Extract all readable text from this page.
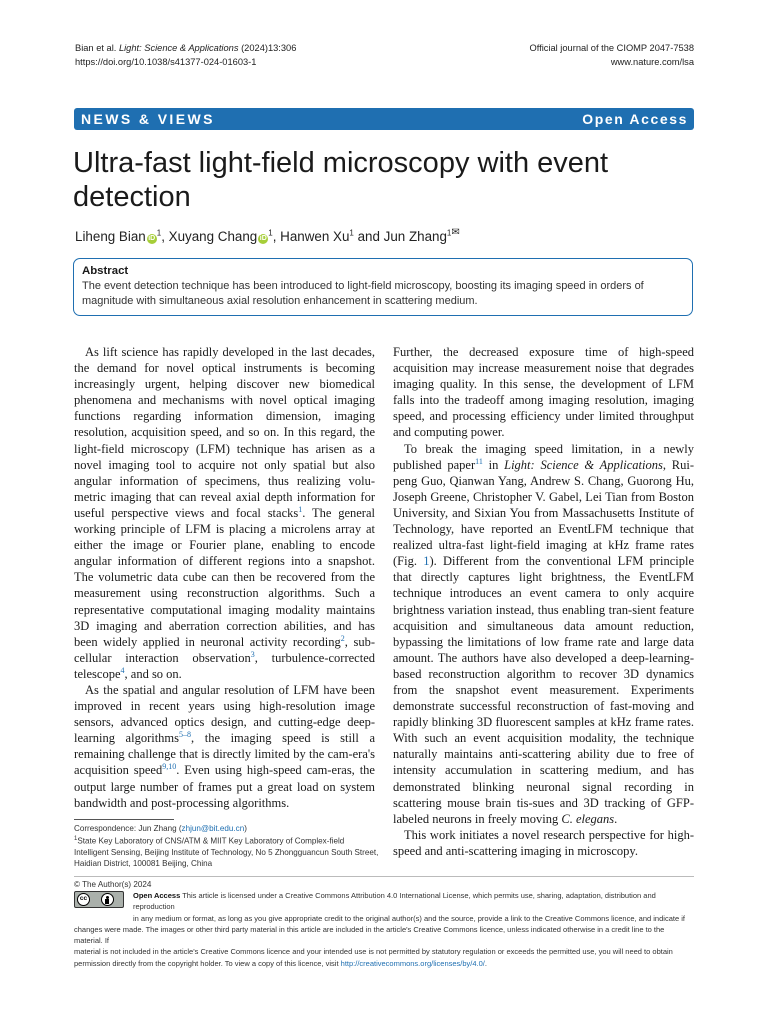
Bian et al. Light: Science & Applications (2024)13:306
https://doi.org/10.1038/s41377-024-01603-1
Official journal of the CIOMP 2047-7538
www.nature.com/lsa
NEWS & VIEWS	Open Access
Ultra-fast light-field microscopy with event detection
Liheng Bian $iD^1$, Xuyang Chang $iD^1$, Hanwen Xu$^1$ and Jun Zhang$^{1✉}$
Abstract
The event detection technique has been introduced to light-field microscopy, boosting its imaging speed in orders of
magnitude with simultaneous axial resolution enhancement in scattering medium.

As lift science has rapidly developed in the last decades, the demand for novel optical instruments is becoming increasingly urgent, helping discover new biomedical phenomena and mechanisms with novel optical imaging functions regarding information dimension, imaging resolution, acquisition speed, and so on. In this regard, the light-field microscopy (LFM) technique has arisen as a novel imaging tool to acquire not only spatial but also angular information of specimens, thus realizing volu-metric imaging that can reveal axial depth information for useful perspective views and focal stacks$^1$. The general working principle of LFM is placing a microlens array at either the image or Fourier plane, enabling to encode angular information of different regions into a snapshot. The volumetric data cube can then be recovered from the measurement using reconstruction algorithms. Such a representative computational imaging modality maintains 3D imaging and aberration correction abilities, and has been widely applied in neuronal activity recording$^2$, sub-cellular interaction observation$^3$, turbulence-corrected telescope$^4$, and so on.

As the spatial and angular resolution of LFM have been improved in recent years using high-resolution image sensors, advanced optics design, and cutting-edge deep-learning algorithms$^{5-8}$, the imaging speed is still a remaining challenge that is directly limited by the cam-era's acquisition speed$^{9,10}$. Even using high-speed cam-eras, the output large number of frames put a great load on system bandwidth and post-processing algorithms.

Further, the decreased exposure time of high-speed acquisition may increase measurement noise that degrades imaging quality. In this sense, the development of LFM falls into the tradeoff among imaging resolution, imaging speed, and processing efficiency under limited throughput and computing power.

To break the imaging speed limitation, in a newly published paper$^{11}$ in Light: Science & Applications, Rui-peng Guo, Qianwan Yang, Andrew S. Chang, Guorong Hu, Joseph Greene, Christopher V. Gabel, Lei Tian from Boston University, and Sixian You from Massachusetts Institute of Technology, have reported an EventLFM technique that realized ultra-fast light-field imaging at kHz frame rates (Fig. 1). Different from the conventional LFM principle that directly captures light brightness, the EventLFM technique introduces an event camera to only acquire brightness variation instead, thus enabling tran-sient feature acquisition and simultaneous data amount reduction, bypassing the limitations of low frame rate and large data amount. The authors have also developed a deep-learning-based reconstruction algorithm to recover 3D dynamics from the snapshot event measurement. Experiments demonstrate successful reconstruction of fast-moving and rapidly blinking 3D fluorescent samples at kHz frame rates. With such an event acquisition modality, the technique naturally maintains anti-scattering ability due to free of intensity accumulation in scattering medium, and has demonstrated blinking neuronal signal recording in scattering mouse brain tis-sues and 3D tracking of GFP-labeled neurons in freely moving C. elegans.

This work initiates a novel research perspective for high-speed and anti-scattering imaging in microscopy.

Correspondence: Jun Zhang (zhjun@bit.edu.cn)
$^1$State Key Laboratory of CNS/ATM & MIIT Key Laboratory of Complex-field Intelligent Sensing, Beijing Institute of Technology, No 5 Zhongguancun South Street, Haidian District, 100081 Beijing, China
© The Author(s) 2024
cc	Open Access This article is licensed under a Creative Commons Attribution 4.0 International License, which permits use, sharing, adaptation, distribution and reproduction
in any medium or format, as long as you give appropriate credit to the original author(s) and the source, provide a link to the Creative Commons licence, and indicate if
changes were made. The images or other third party material in this article are included in the article's Creative Commons licence, unless indicated otherwise in a credit line to the material. If
material is not included in the article's Creative Commons licence and your intended use is not permitted by statutory regulation or exceeds the permitted use, you will need to obtain
permission directly from the copyright holder. To view a copy of this licence, visit http://creativecommons.org/licenses/by/4.0/.
